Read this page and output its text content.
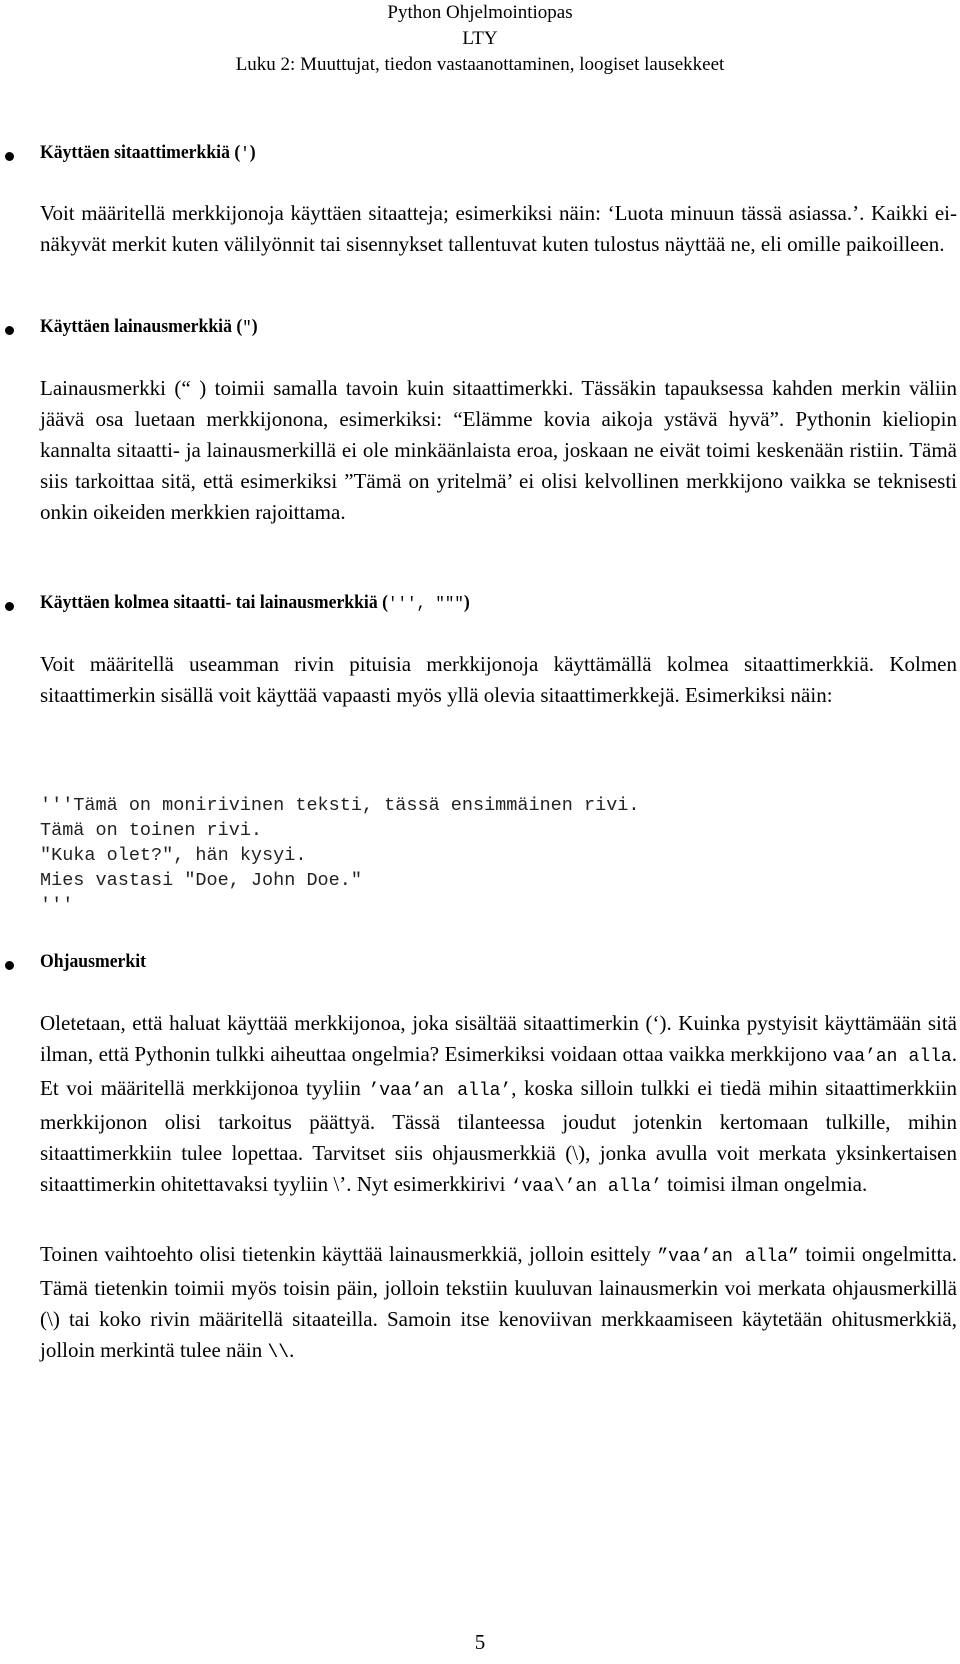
Python Ohjelmointiopas
LTY
Luku 2: Muuttujat, tiedon vastaanottaminen, loogiset lausekkeet
Käyttäen sitaattimerkkiä (')
Voit määritellä merkkijonoja käyttäen sitaatteja; esimerkiksi näin: ‘Luota minuun tässä asiassa.’. Kaikki ei-näkyvät merkit kuten välilyönnit tai sisennykset tallentuvat kuten tulostus näyttää ne, eli omille paikoilleen.
Käyttäen lainausmerkkiä (")
Lainausmerkki (“ ) toimii samalla tavoin kuin sitaattimerkki. Tässäkin tapauksessa kahden merkin väliin jäävä osa luetaan merkkijonona, esimerkiksi: “Elämme kovia aikoja ystävä hyvä”. Pythonin kieliopin kannalta sitaatti- ja lainausmerkillä ei ole minkäänlaista eroa, joskaan ne eivät toimi keskenään ristiin. Tämä siis tarkoittaa sitä, että esimerkiksi ”Tämä on yritelmä’ ei olisi kelvollinen merkkijono vaikka se teknisesti onkin oikeiden merkkien rajoittama.
Käyttäen kolmea sitaatti- tai lainausmerkkiä (''', """)
Voit määritellä useamman rivin pituisia merkkijonoja käyttämällä kolmea sitaattimerkkiä. Kolmen sitaattimerkin sisällä voit käyttää vapaasti myös yllä olevia sitaattimerkkejä. Esimerkiksi näin:
'''Tämä on monirivinen teksti, tässä ensimmäinen rivi.
Tämä on toinen rivi.
"Kuka olet?", hän kysyi.
Mies vastasi "Doe, John Doe."
'''
Ohjausmerkit

Oletetaan, että haluat käyttää merkkijonoa, joka sisältää sitaattimerkin (‘). Kuinka pystyisit käyttämään sitä ilman, että Pythonin tulkki aiheuttaa ongelmia? Esimerkiksi voidaan ottaa vaikka merkkijono vaa’an alla. Et voi määritellä merkkijonoa tyyliin ’vaa’an alla’, koska silloin tulkki ei tiedä mihin sitaattimerkkiin merkkijonon olisi tarkoitus päättyä. Tässä tilanteessa joudut jotenkin kertomaan tulkille, mihin sitaattimerkkiin tulee lopettaa. Tarvitset siis ohjausmerkkiä (\), jonka avulla voit merkata yksinkertaisen sitaattimerkin ohitettavaksi tyyliin \’. Nyt esimerkkirivi ‘vaa\’an alla’ toimisi ilman ongelmia.

Toinen vaihtoehto olisi tietenkin käyttää lainausmerkkiä, jolloin esittely ”vaa’an alla” toimii ongelmitta. Tämä tietenkin toimii myös toisin päin, jolloin tekstiin kuuluvan lainausmerkin voi merkata ohjausmerkillä (\) tai koko rivin määritellä sitaateilla. Samoin itse kenoviivan merkkaamiseen käytetään ohitusmerkkiä, jolloin merkintä tulee näin \\.

5
